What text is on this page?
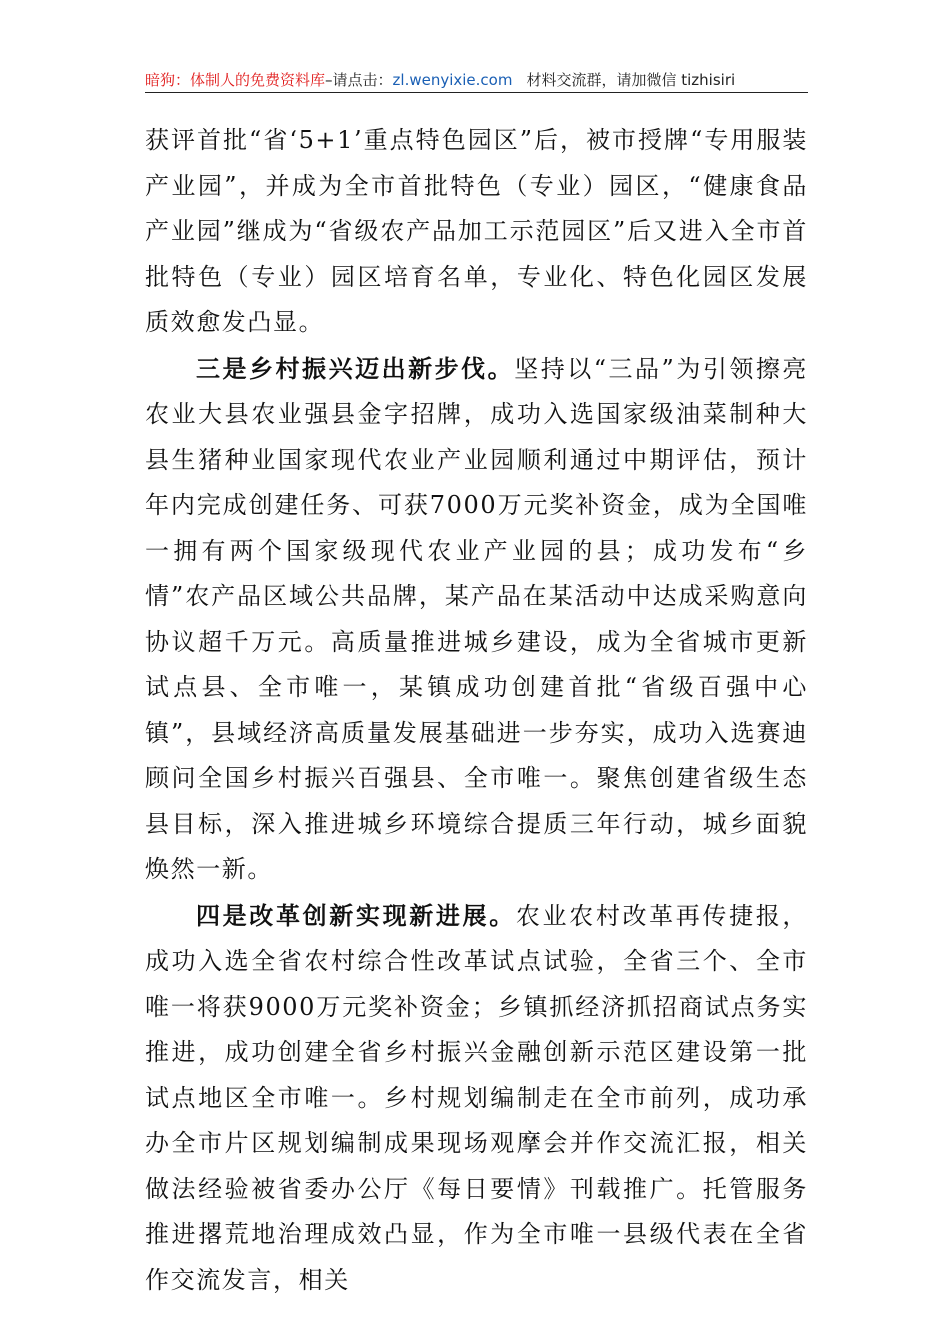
暗狗：体制人的免费资料库–请点击：zl.wenyixie.com 材料交流群，请加微信 tizhisiri

获评首批“省‘5+1’重点特色园区”后，被市授牌“专用服装产业园”，并成为全市首批特色（专业）园区，“健康食品产业园”继成为“省级农产品加工示范园区”后又进入全市首批特色（专业）园区培育名单，专业化、特色化园区发展质效愈发凸显。

三是乡村振兴迈出新步伐。坚持以“三品”为引领擦亮农业大县农业强县金字招牌，成功入选国家级油菜制种大县生猪种业国家现代农业产业园顺利通过中期评估，预计年内完成创建任务、可获7000万元奖补资金，成为全国唯一拥有两个国家级现代农业产业园的县；成功发布“乡情”农产品区域公共品牌，某产品在某活动中达成采购意向协议超千万元。高质量推进城乡建设，成为全省城市更新试点县、全市唯一，某镇成功创建首批“省级百强中心镇”，县域经济高质量发展基础进一步夯实，成功入选赛迪顾问全国乡村振兴百强县、全市唯一。聚焦创建省级生态县目标，深入推进城乡环境综合提质三年行动，城乡面貌焕然一新。

四是改革创新实现新进展。农业农村改革再传捷报，成功入选全省农村综合性改革试点试验，全省三个、全市唯一将获9000万元奖补资金；乡镇抓经济抓招商试点务实推进，成功创建全省乡村振兴金融创新示范区建设第一批试点地区全市唯一。乡村规划编制走在全市前列，成功承办全市片区规划编制成果现场观摩会并作交流汇报，相关做法经验被省委办公厅《每日要情》刊载推广。托管服务推进撂荒地治理成效凸显，作为全市唯一县级代表在全省作交流发言，相关
